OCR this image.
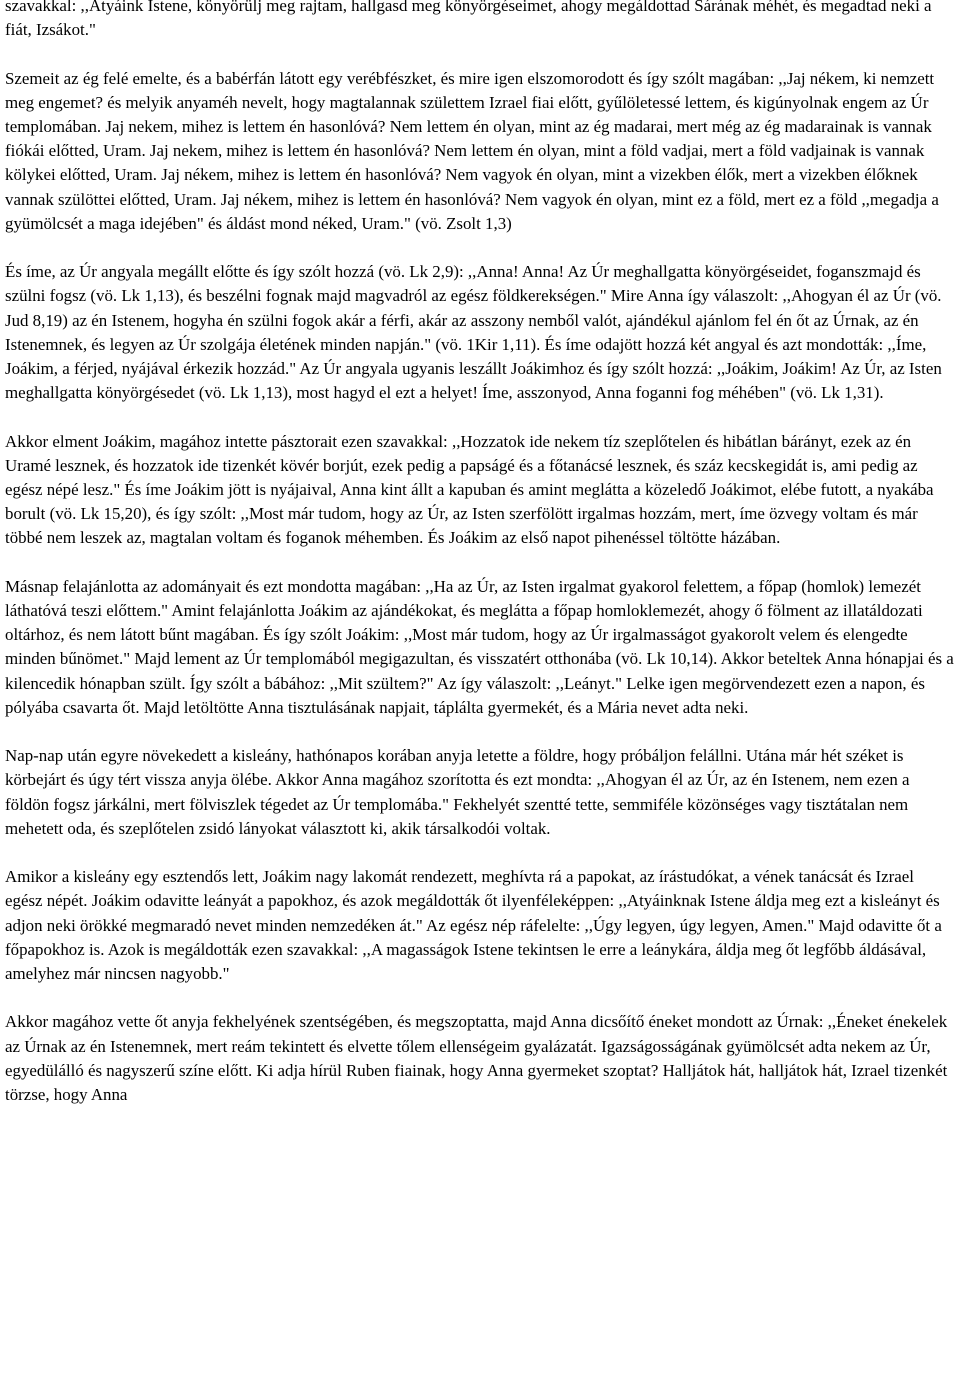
szavakkal: ,,Atyáink Istene, könyörülj meg rajtam, hallgasd meg könyörgéseimet, ahogy megáldottad Sárának méhét, és megadtad neki a fiát, Izsákot."

Szemeit az ég felé emelte, és a babérfán látott egy verébfészket, és mire igen elszomorodott és így szólt magában: ,,Jaj nékem, ki nemzett meg engemet? és melyik anyaméh nevelt, hogy magtalannak születtem Izrael fiai előtt, gyűlöletessé lettem, és kigúnyolnak engem az Úr templomában. Jaj nekem, mihez is lettem én hasonlóvá? Nem lettem én olyan, mint az ég madarai, mert még az ég madarainak is vannak fiókái előtted, Uram. Jaj nekem, mihez is lettem én hasonlóvá? Nem lettem én olyan, mint a föld vadjai, mert a föld vadjainak is vannak kölykei előtted, Uram. Jaj nékem, mihez is lettem én hasonlóvá? Nem vagyok én olyan, mint a vizekben élők, mert a vizekben élőknek vannak szülöttei előtted, Uram. Jaj nékem, mihez is lettem én hasonlóvá? Nem vagyok én olyan, mint ez a föld, mert ez a föld ,,megadja a gyümölcsét a maga idejében" és áldást mond néked, Uram." (vö. Zsolt 1,3)

És íme, az Úr angyala megállt előtte és így szólt hozzá (vö. Lk 2,9): ,,Anna! Anna! Az Úr meghallgatta könyörgéseidet, foganszmajd és szülni fogsz (vö. Lk 1,13), és beszélni fognak majd magvadról az egész földkerekségen." Mire Anna így válaszolt: ,,Ahogyan él az Úr (vö. Jud 8,19) az én Istenem, hogyha én szülni fogok akár a férfi, akár az asszony nemből valót, ajándékul ajánlom fel én őt az Úrnak, az én Istenemnek, és legyen az Úr szolgája életének minden napján." (vö. 1Kir 1,11). És íme odajött hozzá két angyal és azt mondották: ,,Íme, Joákim, a férjed, nyájával érkezik hozzád." Az Úr angyala ugyanis leszállt Joákimhoz és így szólt hozzá: ,,Joákim, Joákim! Az Úr, az Isten meghallgatta könyörgésedet (vö. Lk 1,13), most hagyd el ezt a helyet! Íme, asszonyod, Anna foganni fog méhében" (vö. Lk 1,31).

Akkor elment Joákim, magához intette pásztorait ezen szavakkal: ,,Hozzatok ide nekem tíz szeplőtelen és hibátlan bárányt, ezek az én Uramé lesznek, és hozzatok ide tizenkét kövér borjút, ezek pedig a papságé és a főtanácsé lesznek, és száz kecskegidát is, ami pedig az egész népé lesz." És íme Joákim jött is nyájaival, Anna kint állt a kapuban és amint meglátta a közeledő Joákimot, elébe futott, a nyakába borult (vö. Lk 15,20), és így szólt: ,,Most már tudom, hogy az Úr, az Isten szerfölött irgalmas hozzám, mert, íme özvegy voltam és már többé nem leszek az, magtalan voltam és foganok méhemben. És Joákim az első napot pihenéssel töltötte házában.

Másnap felajánlotta az adományait és ezt mondotta magában: ,,Ha az Úr, az Isten irgalmat gyakorol felettem, a főpap (homlok) lemezét láthatóvá teszi előttem." Amint felajánlotta Joákim az ajándékokat, és meglátta a főpap homloklemezét, ahogy ő fölment az illatáldozati oltárhoz, és nem látott bűnt magában. És így szólt Joákim: ,,Most már tudom, hogy az Úr irgalmasságot gyakorolt velem és elengedte minden bűnömet." Majd lement az Úr templomából megigazultan, és visszatért otthonába (vö. Lk 10,14). Akkor beteltek Anna hónapjai és a kilencedik hónapban szült. Így szólt a bábához: ,,Mit szültem?" Az így válaszolt: ,,Leányt." Lelke igen megörvendezett ezen a napon, és pólyába csavarta őt. Majd letöltötte Anna tisztulásának napjait, táplálta gyermekét, és a Mária nevet adta neki.

Nap-nap után egyre növekedett a kisleány, hathónapos korában anyja letette a földre, hogy próbáljon felállni. Utána már hét széket is körbejárt és úgy tért vissza anyja ölébe. Akkor Anna magához szorította és ezt mondta: ,,Ahogyan él az Úr, az én Istenem, nem ezen a földön fogsz járkálni, mert fölviszlek tégedet az Úr templomába." Fekhelyét szentté tette, semmiféle közönséges vagy tisztátalan nem mehetett oda, és szeplőtelen zsidó lányokat választott ki, akik társalkodói voltak.

Amikor a kisleány egy esztendős lett, Joákim nagy lakomát rendezett, meghívta rá a papokat, az írástudókat, a vének tanácsát és Izrael egész népét. Joákim odavitte leányát a papokhoz, és azok megáldották őt ilyenféleképpen: ,,Atyáinknak Istene áldja meg ezt a kisleányt és adjon neki örökké megmaradó nevet minden nemzedéken át." Az egész nép ráfelelte: ,,Úgy legyen, úgy legyen, Amen." Majd odavitte őt a főpapokhoz is. Azok is megáldották ezen szavakkal: ,,A magasságok Istene tekintsen le erre a leánykára, áldja meg őt legfőbb áldásával, amelyhez már nincsen nagyobb."

Akkor magához vette őt anyja fekhelyének szentségében, és megszoptatta, majd Anna dicsőítő éneket mondott az Úrnak: ,,Éneket énekelek az Úrnak az én Istenemnek, mert reám tekintett és elvette tőlem ellenségeim gyalázatát. Igazságosságának gyümölcsét adta nekem az Úr, egyedülálló és nagyszerű színe előtt. Ki adja hírül Ruben fiainak, hogy Anna gyermeket szoptat? Halljátok hát, halljátok hát, Izrael tizenkét törzse, hogy Anna
